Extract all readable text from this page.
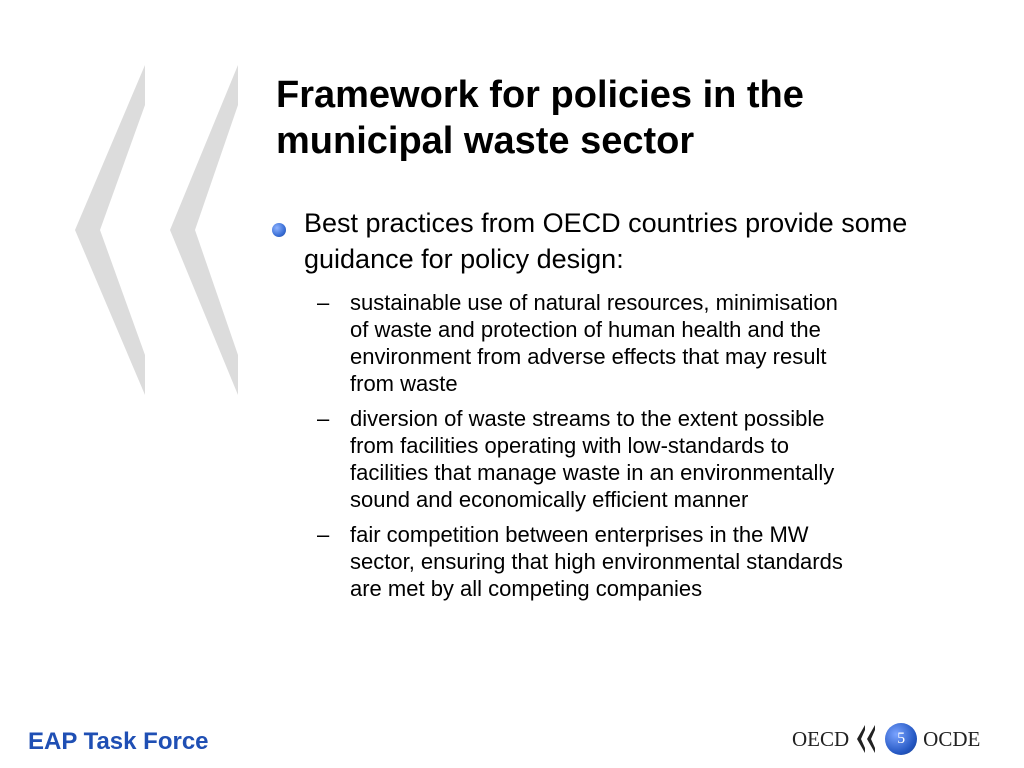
Framework for policies in the municipal waste sector
Best practices from OECD countries provide some guidance for policy design:
– sustainable use of natural resources, minimisation of waste and protection of human health and the environment from adverse effects that may result from waste
– diversion of waste streams to the extent possible from facilities operating with low-standards to facilities that manage waste in an environmentally sound and economically efficient manner
– fair competition between enterprises in the MW sector, ensuring that high environmental standards are met by all competing companies
EAP Task Force	OECD	5 OCDE
